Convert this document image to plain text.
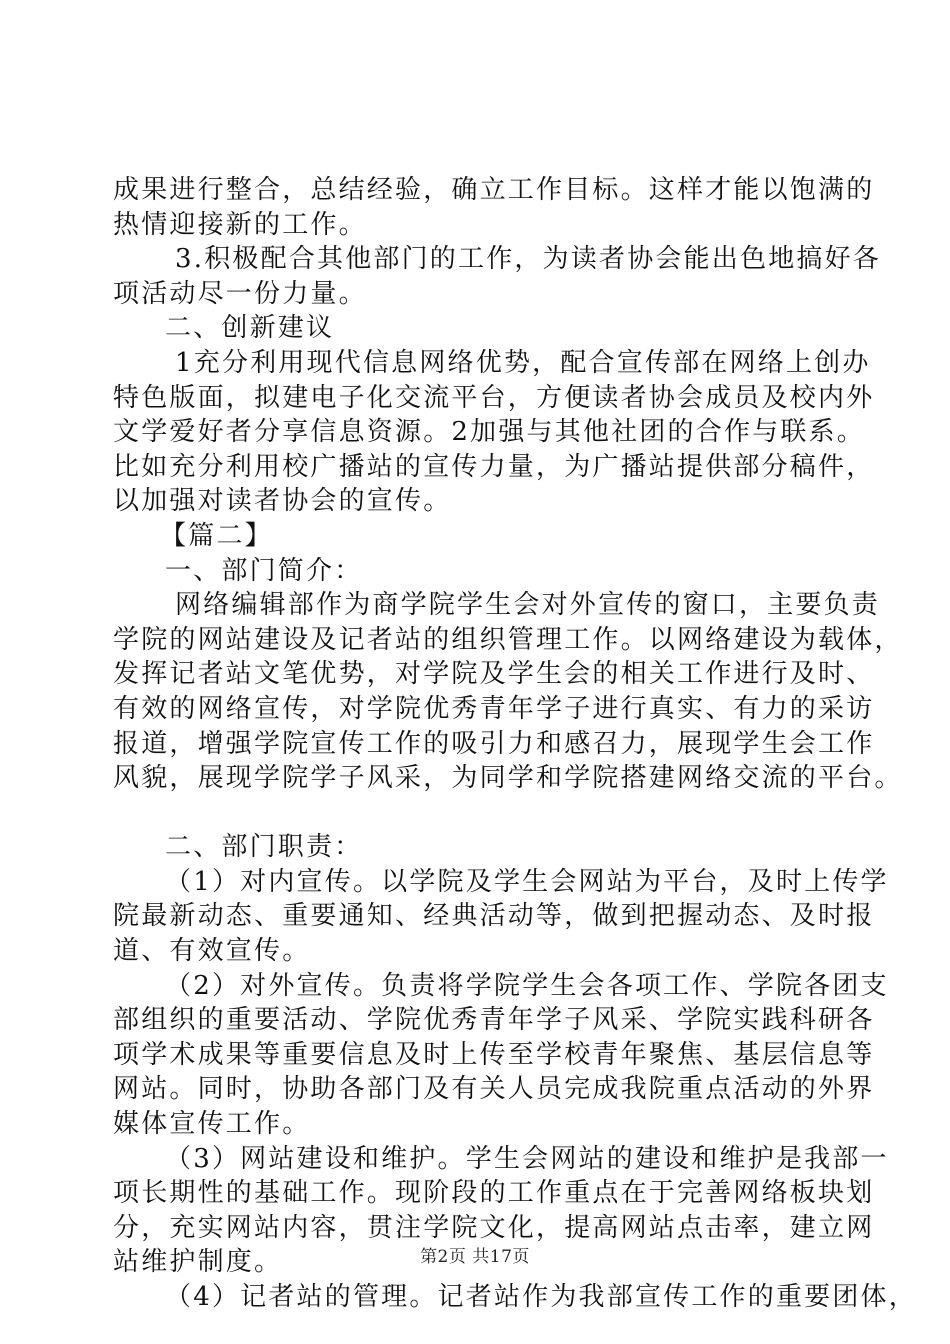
成果进行整合，总结经验，确立工作目标。这样才能以饱满的
热情迎接新的工作。
3.积极配合其他部门的工作，为读者协会能出色地搞好各
项活动尽一份力量。
二、创新建议
1充分利用现代信息网络优势，配合宣传部在网络上创办
特色版面，拟建电子化交流平台，方便读者协会成员及校内外
文学爱好者分享信息资源。2加强与其他社团的合作与联系。
比如充分利用校广播站的宣传力量，为广播站提供部分稿件，
以加强对读者协会的宣传。
【篇二】
一、部门简介：
网络编辑部作为商学院学生会对外宣传的窗口，主要负责
学院的网站建设及记者站的组织管理工作。以网络建设为载体，
发挥记者站文笔优势，对学院及学生会的相关工作进行及时、
有效的网络宣传，对学院优秀青年学子进行真实、有力的采访
报道，增强学院宣传工作的吸引力和感召力，展现学生会工作
风貌，展现学院学子风采，为同学和学院搭建网络交流的平台。
二、部门职责：
（1）对内宣传。以学院及学生会网站为平台，及时上传学
院最新动态、重要通知、经典活动等，做到把握动态、及时报
道、有效宣传。
（2）对外宣传。负责将学院学生会各项工作、学院各团支
部组织的重要活动、学院优秀青年学子风采、学院实践科研各
项学术成果等重要信息及时上传至学校青年聚焦、基层信息等
网站。同时，协助各部门及有关人员完成我院重点活动的外界
媒体宣传工作。
（3）网站建设和维护。学生会网站的建设和维护是我部一
项长期性的基础工作。现阶段的工作重点在于完善网络板块划
分，充实网站内容，贯注学院文化，提高网站点击率，建立网
站维护制度。
（4）记者站的管理。记者站作为我部宣传工作的重要团体，
第2页 共17页
